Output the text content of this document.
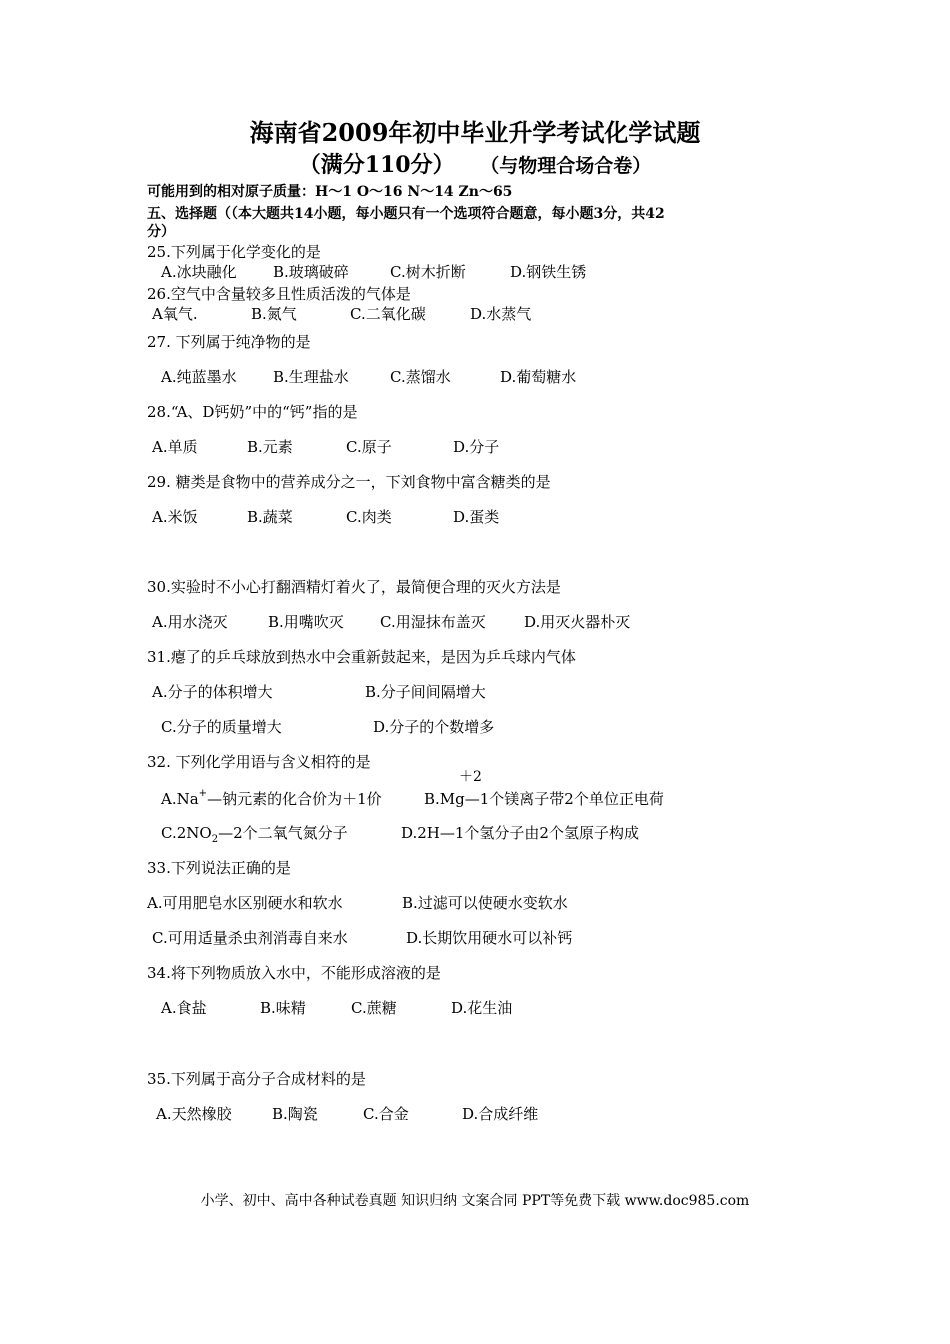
海南省2009年初中毕业升学考试化学试题
（满分110分） （与物理合场合卷）
可能用到的相对原子质量：H～1 O～16 N～14 Zn～65
五、选择题（（本大题共14小题，每小题只有一个选项符合题意，每小题3分，共42
分）
25.下列属于化学变化的是
A.冰块融化 B.玻璃破碎	C.树木折断	D.钢铁生锈
26.空气中含量较多且性质活泼的气体是
A氧气.	B.氮气	C.二氧化碳	D.水蒸气
27. 下列属于纯净物的是
A.纯蓝墨水 B.生理盐水	C.蒸馏水	D.葡萄糖水
28.“A、D钙奶”中的“钙”指的是
A.单质	B.元素	C.原子	D.分子
29. 糖类是食物中的营养成分之一，下刘食物中富含糖类的是
A.米饭	B.蔬菜	C.肉类	D.蛋类
30.实验时不小心打翻酒精灯着火了，最简便合理的灭火方法是
A.用水浇灭	B.用嘴吹灭 C.用湿抹布盖灭	D.用灭火器朴灭
31.瘪了的乒乓球放到热水中会重新鼓起来，是因为乒乓球内气体
A.分子的体积增大	B.分子间间隔增大
C.分子的质量增大	D.分子的个数增多
32. 下列化学用语与含义相符的是
＋2
A.Na+—钠元素的化合价为＋1价	B.Mg—1个镁离子带2个单位正电荷
$C.2NO_2—2$个二氧气氮分子	D.2H—1个氢分子由2个氢原子构成
33.下列说法正确的是
A.可用肥皂水区别硬水和软水	B.过滤可以使硬水变软水
C.可用适量杀虫剂消毒自来水	D.长期饮用硬水可以补钙
34.将下列物质放入水中，不能形成溶液的是
A.食盐	B.味精	C.蔗糖	D.花生油
35.下列属于高分子合成材料的是
A.天然橡胶	B.陶瓷	C.合金	D.合成纤维
小学、初中、高中各种试卷真题 知识归纳 文案合同 PPT等免费下载 www.doc985.com
